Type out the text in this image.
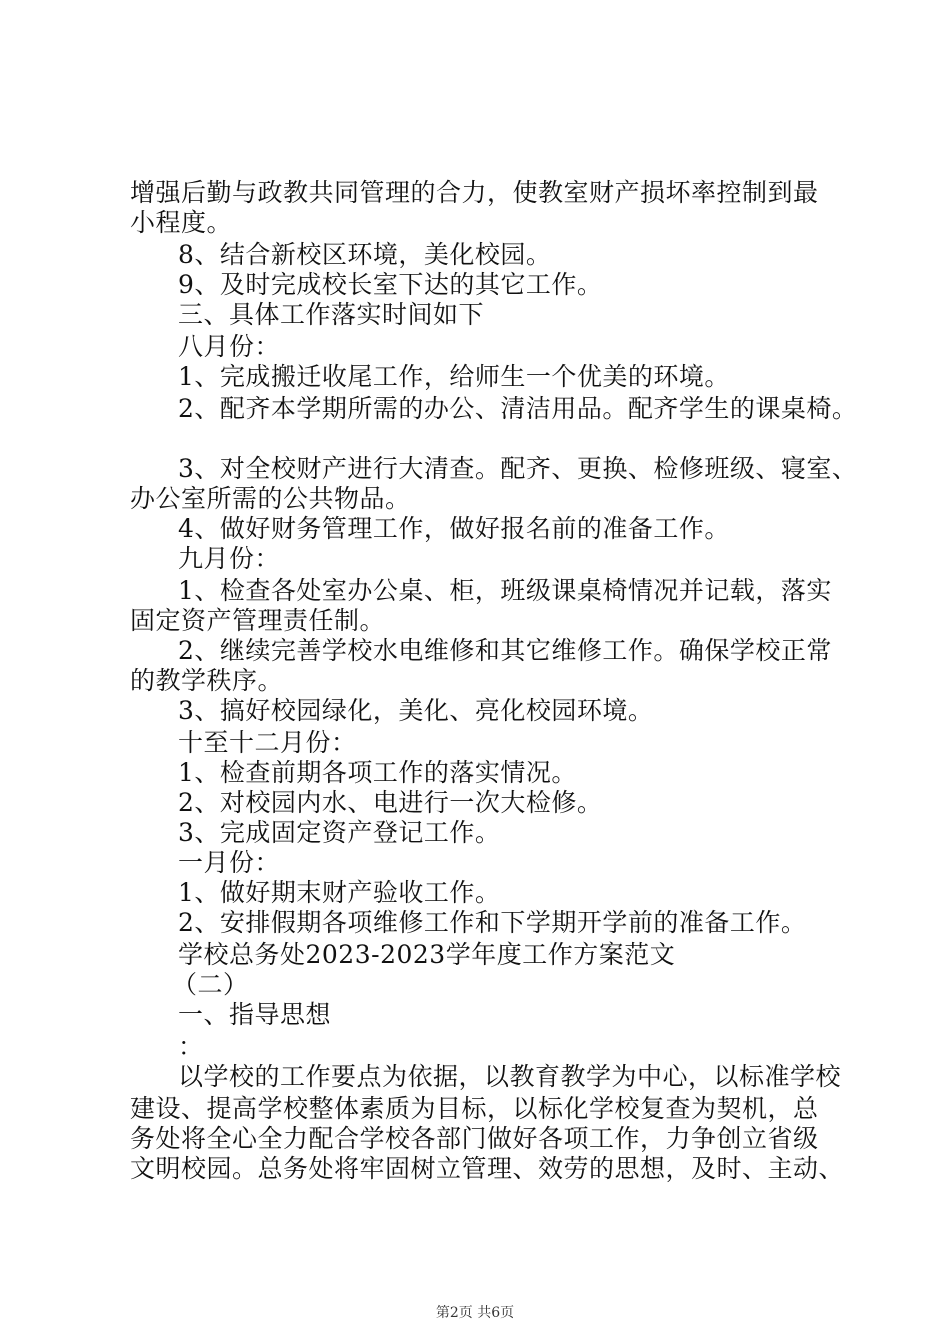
增强后勤与政教共同管理的合力，使教室财产损坏率控制到最
小程度。
8、结合新校区环境，美化校园。
9、及时完成校长室下达的其它工作。
三、具体工作落实时间如下
八月份：
1、完成搬迁收尾工作，给师生一个优美的环境。
2、配齐本学期所需的办公、清洁用品。配齐学生的课桌椅。
3、对全校财产进行大清查。配齐、更换、检修班级、寝室、
办公室所需的公共物品。
4、做好财务管理工作，做好报名前的准备工作。
九月份：
1、检查各处室办公桌、柜，班级课桌椅情况并记载，落实
固定资产管理责任制。
2、继续完善学校水电维修和其它维修工作。确保学校正常
的教学秩序。
3、搞好校园绿化，美化、亮化校园环境。
十至十二月份：
1、检查前期各项工作的落实情况。
2、对校园内水、电进行一次大检修。
3、完成固定资产登记工作。
一月份：
1、做好期末财产验收工作。
2、安排假期各项维修工作和下学期开学前的准备工作。
学校总务处2023-2023学年度工作方案范文
（二）
一、指导思想
：
以学校的工作要点为依据，以教育教学为中心，以标准学校
建设、提高学校整体素质为目标，以标化学校复查为契机，总
务处将全心全力配合学校各部门做好各项工作，力争创立省级
文明校园。总务处将牢固树立管理、效劳的思想，及时、主动、
第2页 共6页
